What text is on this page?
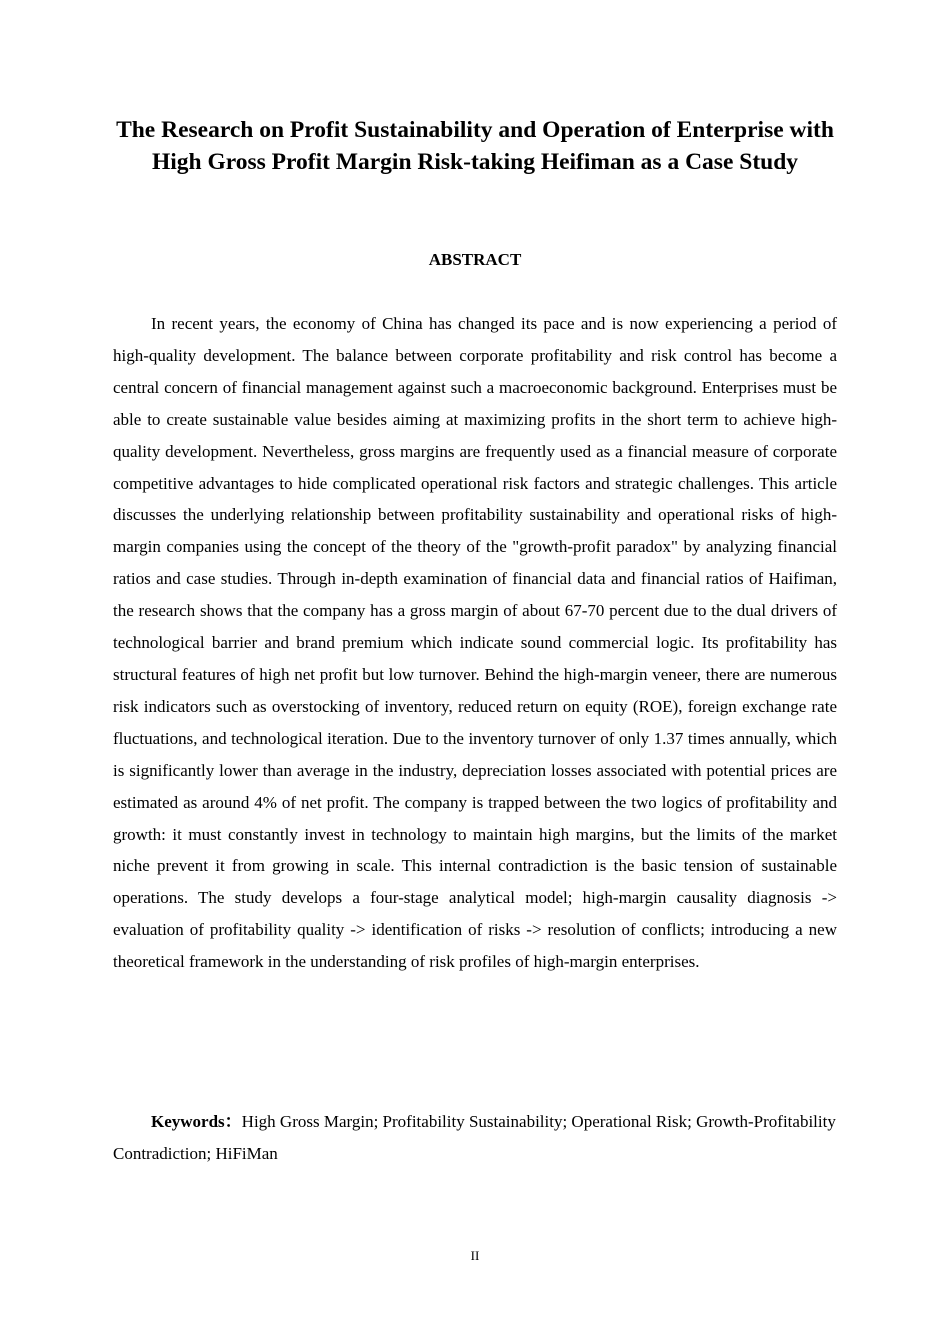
The Research on Profit Sustainability and Operation of Enterprise with High Gross Profit Margin Risk-taking Heifiman as a Case Study
ABSTRACT

In recent years, the economy of China has changed its pace and is now experiencing a period of high-quality development. The balance between corporate profitability and risk control has become a central concern of financial management against such a macroeconomic background. Enterprises must be able to create sustainable value besides aiming at maximizing profits in the short term to achieve high-quality development. Nevertheless, gross margins are frequently used as a financial measure of corporate competitive advantages to hide complicated operational risk factors and strategic challenges. This article discusses the underlying relationship between profitability sustainability and operational risks of high-margin companies using the concept of the theory of the "growth-profit paradox" by analyzing financial ratios and case studies. Through in-depth examination of financial data and financial ratios of Haifiman, the research shows that the company has a gross margin of about 67-70 percent due to the dual drivers of technological barrier and brand premium which indicate sound commercial logic. Its profitability has structural features of high net profit but low turnover. Behind the high-margin veneer, there are numerous risk indicators such as overstocking of inventory, reduced return on equity (ROE), foreign exchange rate fluctuations, and technological iteration. Due to the inventory turnover of only 1.37 times annually, which is significantly lower than average in the industry, depreciation losses associated with potential prices are estimated as around 4% of net profit. The company is trapped between the two logics of profitability and growth: it must constantly invest in technology to maintain high margins, but the limits of the market niche prevent it from growing in scale. This internal contradiction is the basic tension of sustainable operations. The study develops a four-stage analytical model; high-margin causality diagnosis -> evaluation of profitability quality -> identification of risks -> resolution of conflicts; introducing a new theoretical framework in the understanding of risk profiles of high-margin enterprises.

Keywords：High Gross Margin; Profitability Sustainability; Operational Risk; Growth-Profitability Contradiction; HiFiMan

II
